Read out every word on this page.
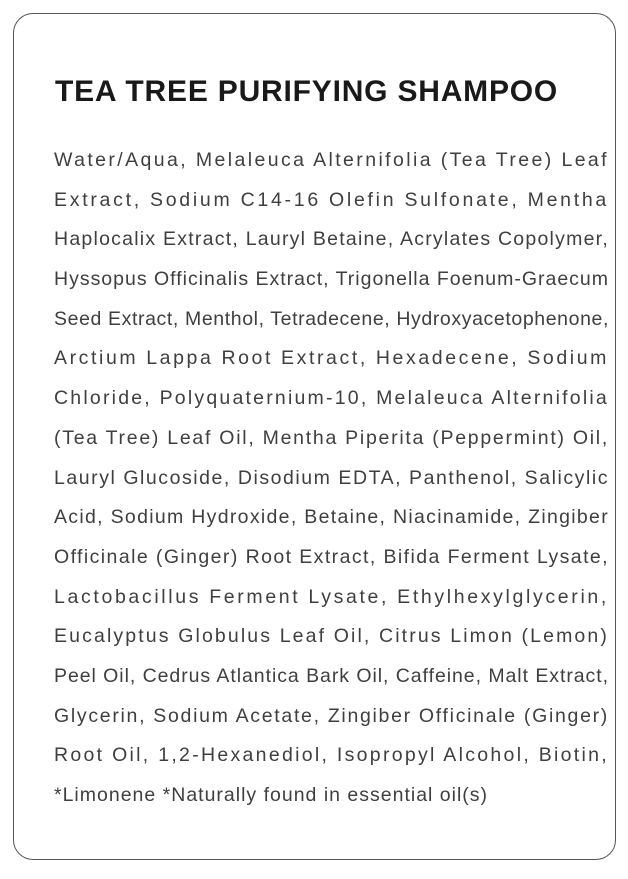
TEA TREE PURIFYING SHAMPOO
Water/Aqua, Melaleuca Alternifolia (Tea Tree) Leaf
Extract, Sodium C14-16 Olefin Sulfonate, Mentha
Haplocalix Extract, Lauryl Betaine, Acrylates Copolymer,
Hyssopus Officinalis Extract, Trigonella Foenum-Graecum
Seed Extract, Menthol, Tetradecene, Hydroxyacetophenone,
Arctium Lappa Root Extract, Hexadecene, Sodium
Chloride, Polyquaternium-10, Melaleuca Alternifolia
(Tea Tree) Leaf Oil, Mentha Piperita (Peppermint) Oil,
Lauryl Glucoside, Disodium EDTA, Panthenol, Salicylic
Acid, Sodium Hydroxide, Betaine, Niacinamide, Zingiber
Officinale (Ginger) Root Extract, Bifida Ferment Lysate,
Lactobacillus Ferment Lysate, Ethylhexylglycerin,
Eucalyptus Globulus Leaf Oil, Citrus Limon (Lemon)
Peel Oil, Cedrus Atlantica Bark Oil, Caffeine, Malt Extract,
Glycerin, Sodium Acetate, Zingiber Officinale (Ginger)
Root Oil, 1,2-Hexanediol, Isopropyl Alcohol, Biotin,
*Limonene *Naturally found in essential oil(s)
